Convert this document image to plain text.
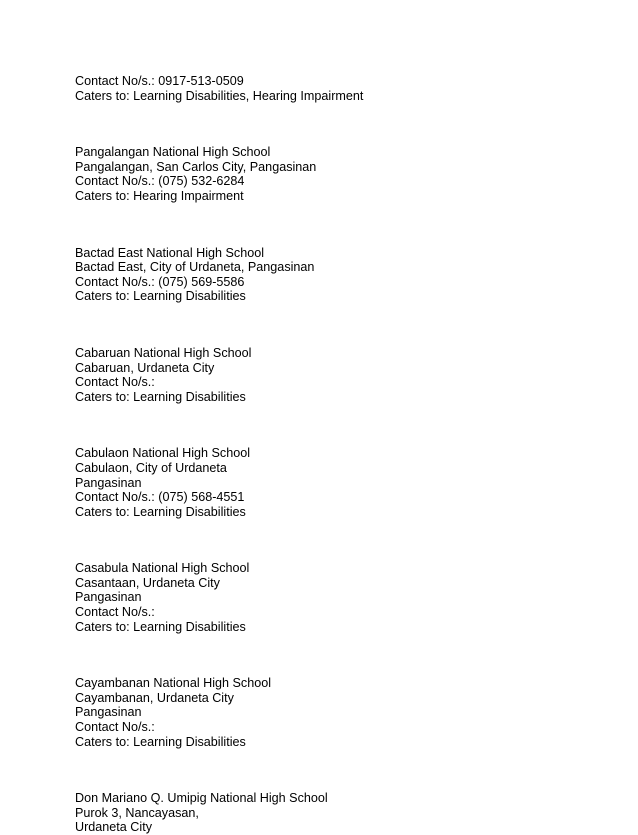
Contact No/s.: 0917-513-0509
Caters to: Learning Disabilities, Hearing Impairment
Pangalangan National High School
Pangalangan, San Carlos City, Pangasinan
Contact No/s.: (075) 532-6284
Caters to: Hearing Impairment
Bactad East National High School
Bactad East, City of Urdaneta, Pangasinan
Contact No/s.: (075) 569-5586
Caters to: Learning Disabilities
Cabaruan National High School
Cabaruan, Urdaneta City
Contact No/s.:
Caters to: Learning Disabilities
Cabulaon National High School
Cabulaon, City of Urdaneta
Pangasinan
Contact No/s.: (075) 568-4551
Caters to: Learning Disabilities
Casabula National High School
Casantaan, Urdaneta City
Pangasinan
Contact No/s.:
Caters to: Learning Disabilities
Cayambanan National High School
Cayambanan, Urdaneta City
Pangasinan
Contact No/s.:
Caters to: Learning Disabilities
Don Mariano Q. Umipig National High School
Purok 3, Nancayasan,
Urdaneta City
